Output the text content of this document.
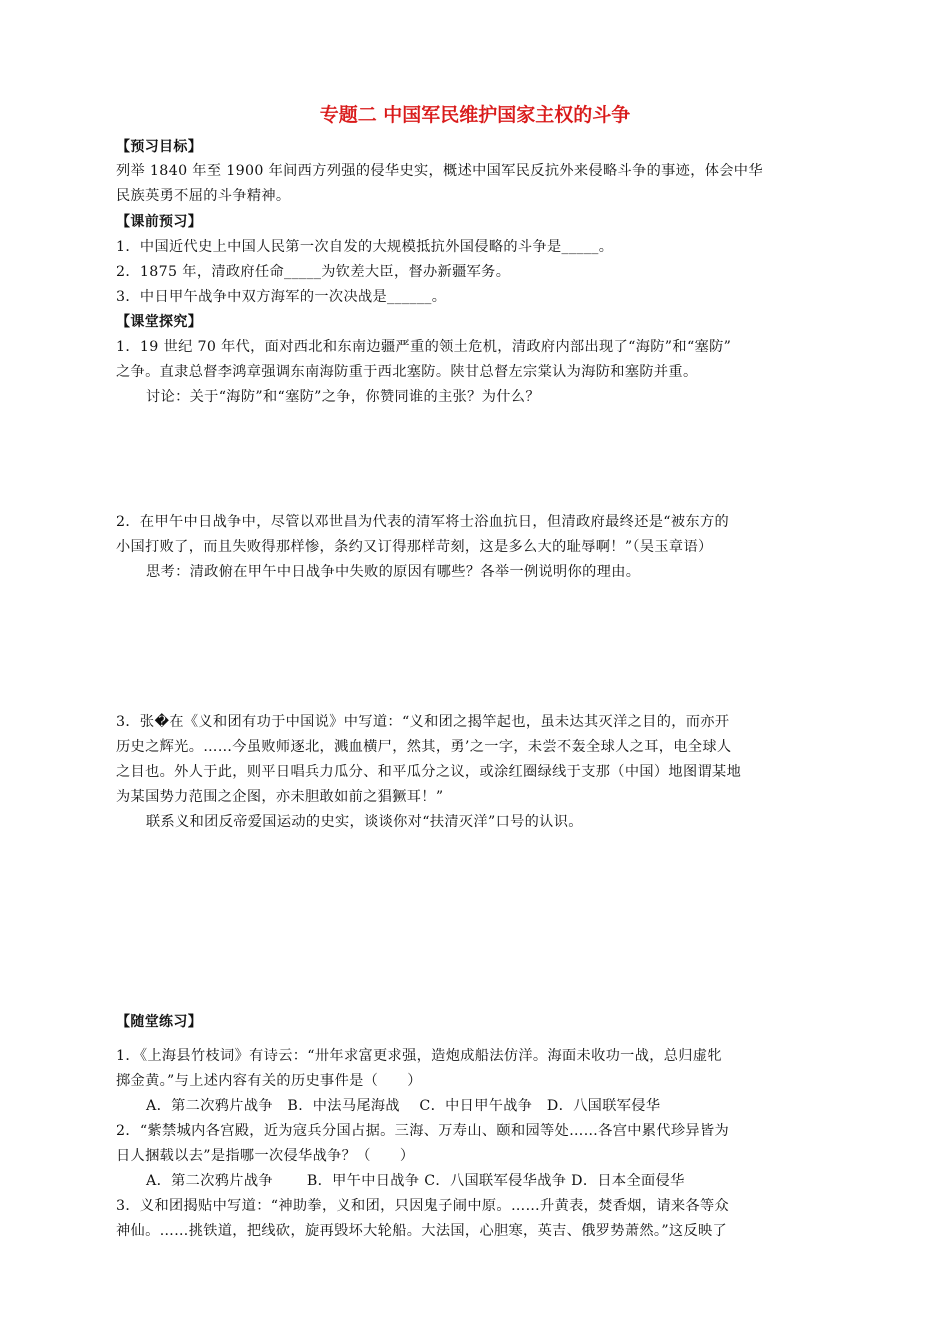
专题二 中国军民维护国家主权的斗争
【预习目标】
列举 1840 年至 1900 年间西方列强的侵华史实，概述中国军民反抗外来侵略斗争的事迹，体会中华
民族英勇不屈的斗争精神。
【课前预习】
1．中国近代史上中国人民第一次自发的大规模抵抗外国侵略的斗争是_____。
2．1875 年，清政府任命_____为钦差大臣，督办新疆军务。
3．中日甲午战争中双方海军的一次决战是______。
【课堂探究】
1．19 世纪 70 年代，面对西北和东南边疆严重的领土危机，清政府内部出现了“海防”和“塞防”
之争。直隶总督李鸿章强调东南海防重于西北塞防。陕甘总督左宗棠认为海防和塞防并重。
讨论：关于“海防”和“塞防”之争，你赞同谁的主张？为什么？
2．在甲午中日战争中，尽管以邓世昌为代表的清军将士浴血抗日，但清政府最终还是“被东方的
小国打败了，而且失败得那样惨，条约又订得那样苛刻，这是多么大的耻辱啊！”（吴玉章语）
思考：清政俯在甲午中日战争中失败的原因有哪些？各举一例说明你的理由。
3．张�在《义和团有功于中国说》中写道：“义和团之揭竿起也，虽未达其灭洋之目的，而亦开
历史之辉光。……今虽败师逐北，溅血横尸，然其，勇’之一字，未尝不轰全球人之耳，电全球人
之目也。外人于此，则平日唱兵力瓜分、和平瓜分之议，或涂红圈绿线于支那（中国）地图谓某地
为某国势力范围之企图，亦未胆敢如前之猖獗耳！”
联系义和团反帝爱国运动的史实，谈谈你对“扶清灭洋”口号的认识。
【随堂练习】
1．《上海县竹枝词》有诗云：“卅年求富更求强，造炮成船法仿洋。海面未收功一战，总归虚牝
掷金黄。”与上述内容有关的历史事件是（　　）
A．第二次鸦片战争　B．中法马尾海战　 C．中日甲午战争　D．八国联军侵华
2．“紫禁城内各宫殿，近为寇兵分国占据。三海、万寿山、颐和园等处……各宫中累代珍异皆为
日人捆载以去”是指哪一次侵华战争？（　　）
A．第二次鸦片战争　　 B．甲午中日战争 C．八国联军侵华战争 D．日本全面侵华
3．义和团揭贴中写道：“神助拳，义和团，只因鬼子闹中原。……升黄表，焚香烟，请来各等众
神仙。……挑铁道，把线砍，旋再毁坏大轮船。大法国，心胆寒，英吉、俄罗势萧然。”这反映了
